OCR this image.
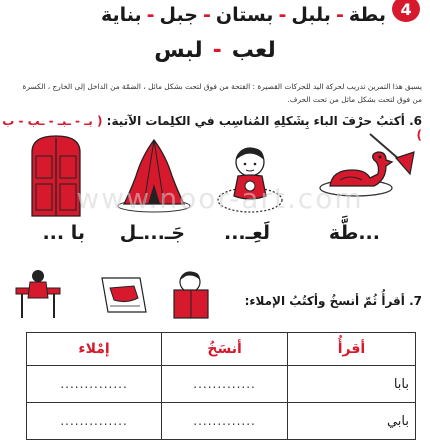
4
بطة
-
بلبل
-
بستان
-
جبل
-
بناية
لعب-لبس
يسبق هذا التمرين تدريب لحركة اليد للحركات القصيرة : الفتحة من فوق لتحت بشكل مائل ، الضمّة من الداخل إلى الخارج ، الكسرة من فوق لتحت بشكل مائل من تحت الحرف.
6. أكتبُ حرْفَ الباء بِشَكلِهِ المُناسِب في الكلِمات الآتية: ( بـ - ـبـ - ـب - ب )
www.noor-art.com
...طَّة
لَعِـ...
جَـ...ـل
با ...
7. أقرأُ ثُمّ أنسخُ وأكتُبُ الإملاء:
أقرأُ	أنسَخُ	إمْلاء
بابا	.............	..............
بابي	.............	..............
